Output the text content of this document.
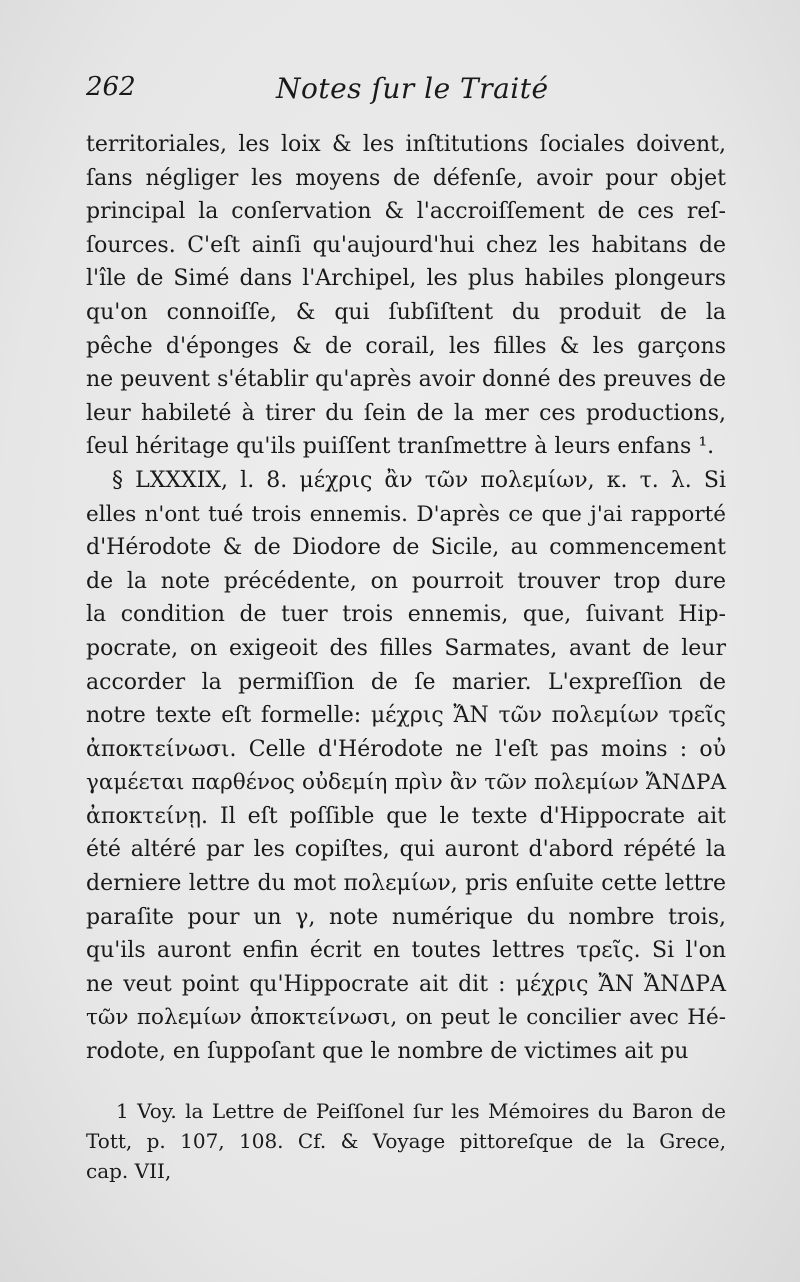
262	Notes ſur le Traité
territoriales, les loix & les inſtitutions ſociales doivent,
ſans négliger les moyens de défenſe, avoir pour objet
principal la conſervation & l'accroiſſement de ces reſ-
ſources. C'eſt ainſi qu'aujourd'hui chez les habitans de
l'île de Simé dans l'Archipel, les plus habiles plongeurs
qu'on connoiſſe, & qui ſubſiſtent du produit de la
pêche d'éponges & de corail, les filles & les garçons
ne peuvent s'établir qu'après avoir donné des preuves de
leur habileté à tirer du ſein de la mer ces productions,
ſeul héritage qu'ils puiſſent tranſmettre à leurs enfans ¹.
§ LXXXIX, l. 8. μέχρις ἂν τῶν πολεμίων, κ. τ. λ. Si
elles n'ont tué trois ennemis. D'après ce que j'ai rapporté
d'Hérodote & de Diodore de Sicile, au commencement
de la note précédente, on pourroit trouver trop dure
la condition de tuer trois ennemis, que, ſuivant Hip-
pocrate, on exigeoit des filles Sarmates, avant de leur
accorder la permiſſion de ſe marier. L'expreſſion de
notre texte eſt formelle: μέχρις ἌΝ τῶν πολεμίων τρεῖς
ἀποκτείνωσι. Celle d'Hérodote ne l'eſt pas moins : οὐ
γαμέεται παρθένος οὐδεμίη πρὶν ἂν τῶν πολεμίων ἌΝΔΡΑ
ἀποκτείνῃ. Il eſt poſſible que le texte d'Hippocrate ait
été altéré par les copiſtes, qui auront d'abord répété la
derniere lettre du mot πολεμίων, pris enſuite cette lettre
paraſite pour un γ, note numérique du nombre trois,
qu'ils auront enfin écrit en toutes lettres τρεῖς. Si l'on
ne veut point qu'Hippocrate ait dit : μέχρις ἌΝ ἌΝΔΡΑ
τῶν πολεμίων ἀποκτείνωσι, on peut le concilier avec Hé-
rodote, en ſuppoſant que le nombre de victimes ait pu
1 Voy. la Lettre de Peiſſonel ſur les Mémoires du Baron de
Tott, p. 107, 108. Cf. & Voyage pittoreſque de la Grece,
cap. VII,
